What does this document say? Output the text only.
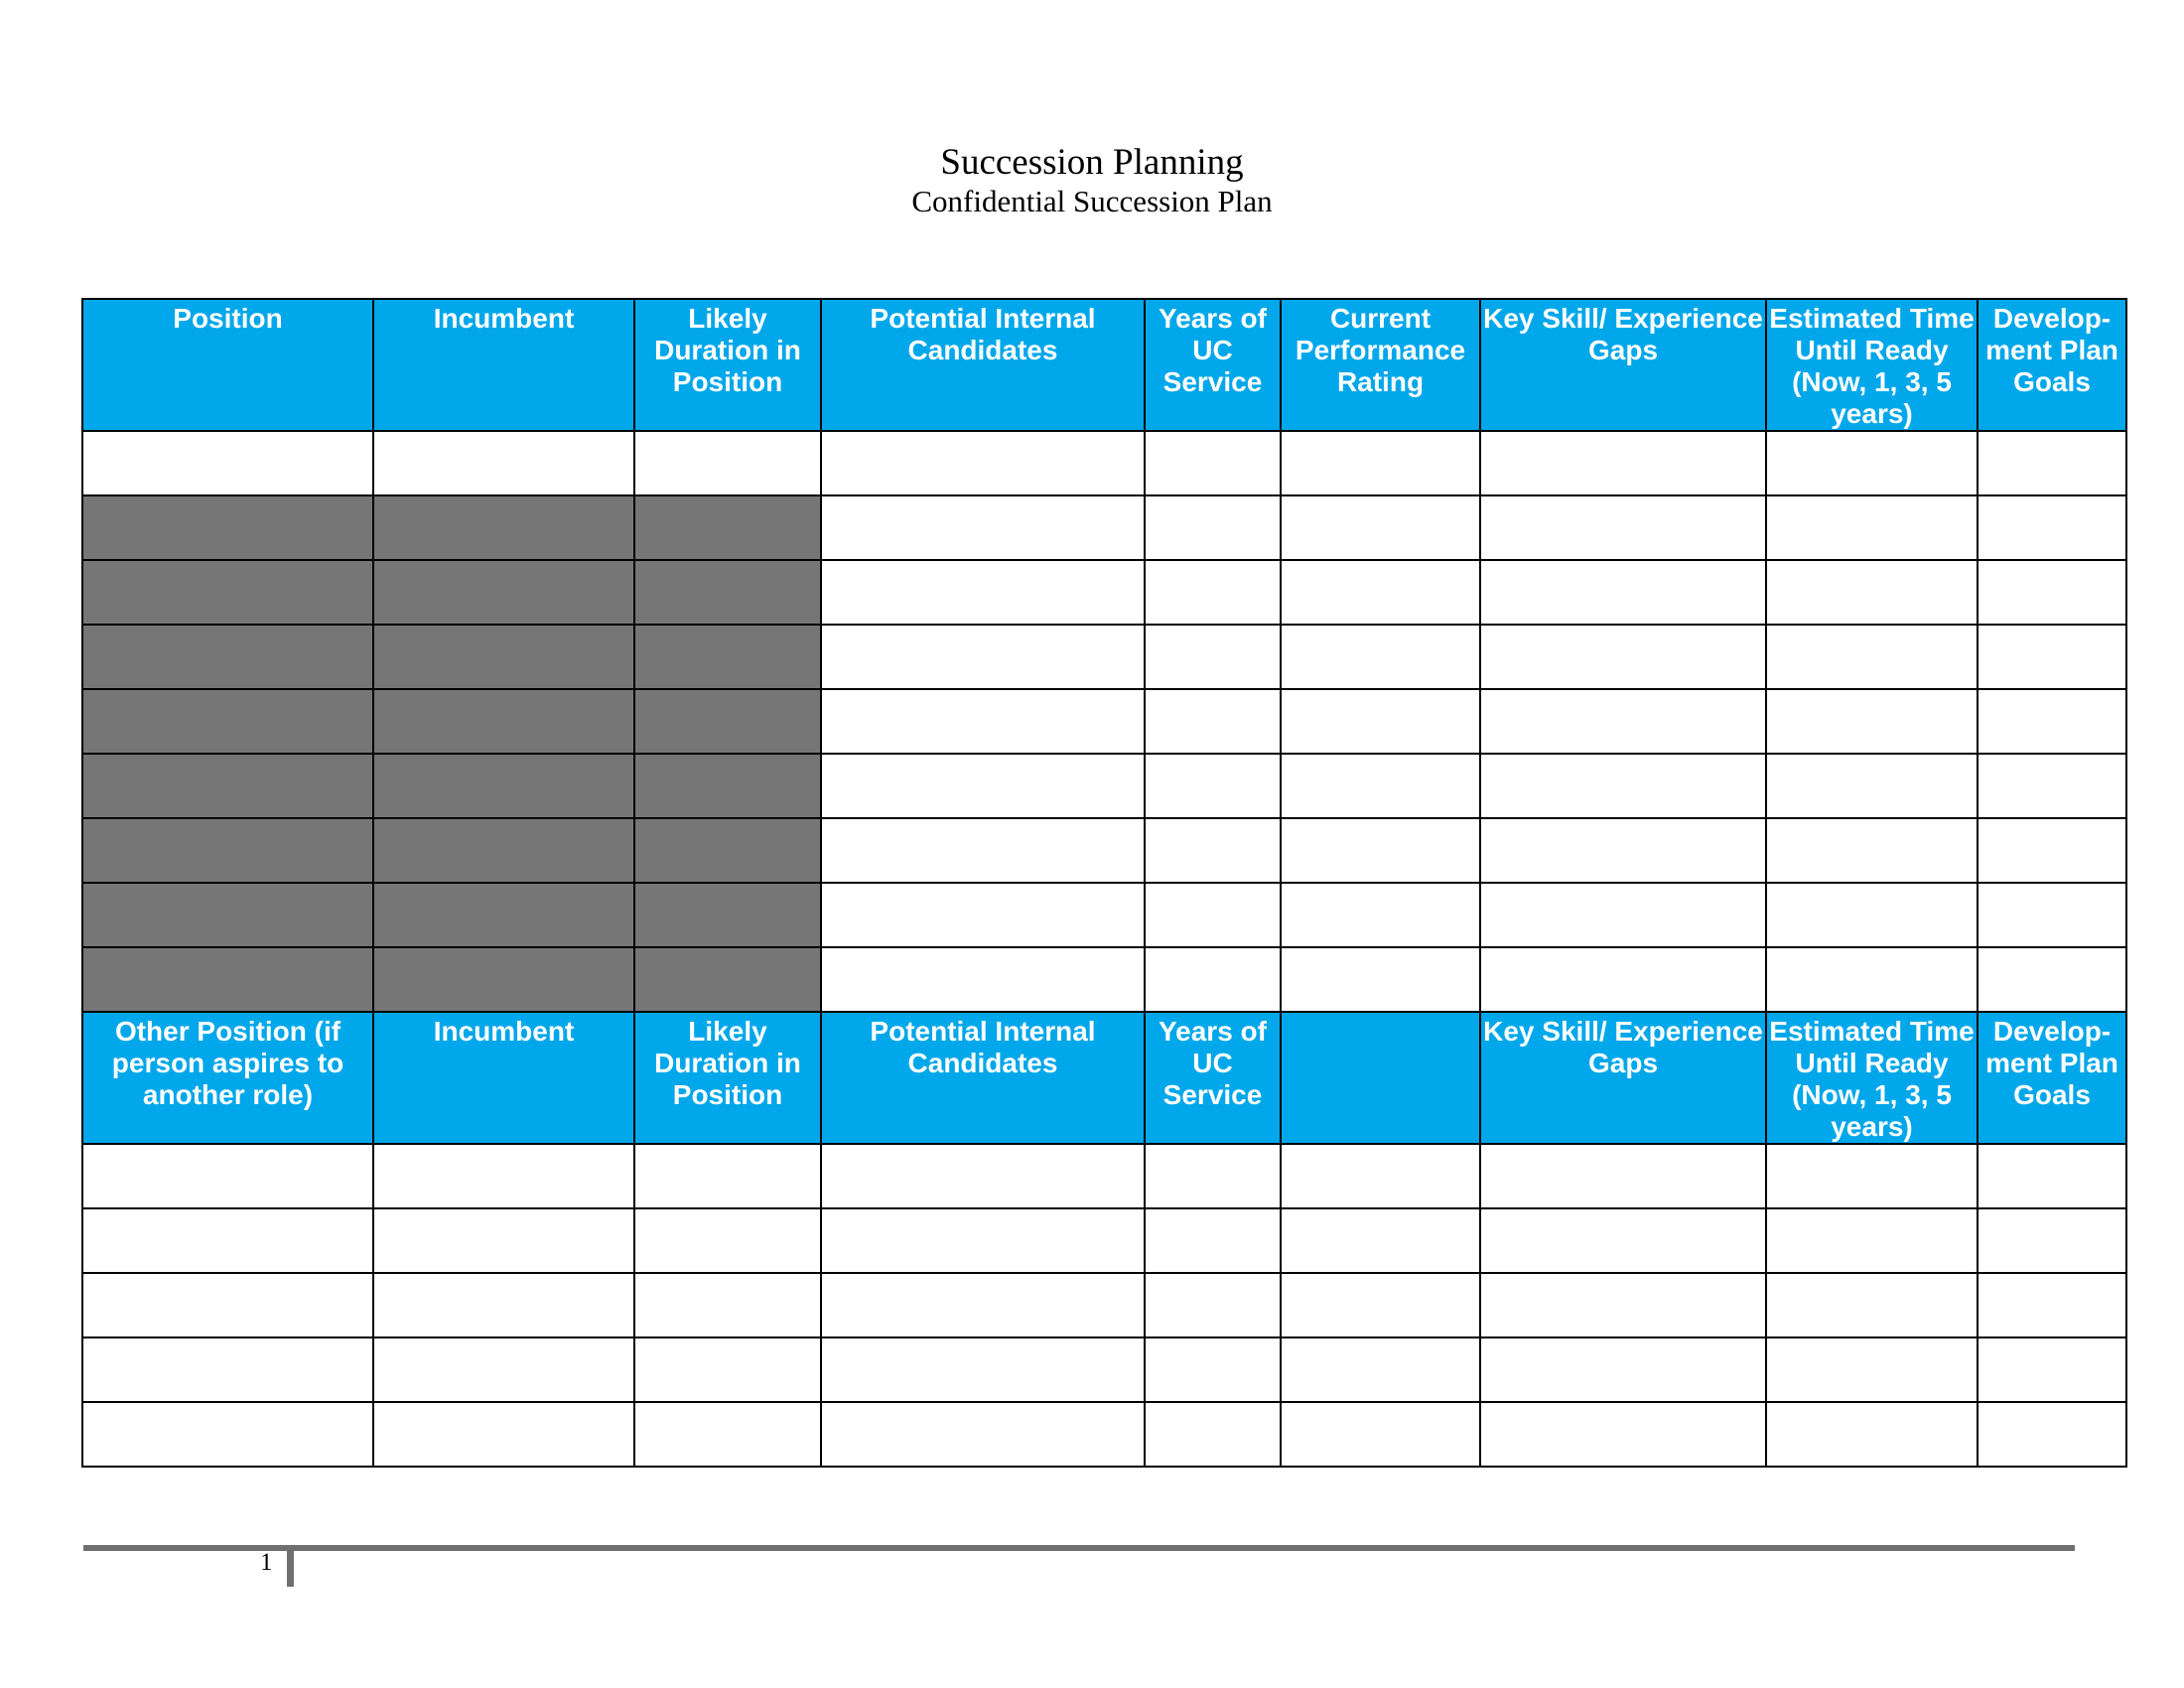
Succession Planning
Confidential Succession Plan
Position	Incumbent	Likely Duration in Position	Potential Internal Candidates	Years of UC Service	Current Performance Rating	Key Skill/ Experience Gaps	Estimated Time Until Ready (Now, 1, 3, 5 years)	Develop-ment Plan Goals

Other Position (if person aspires to another role)	Incumbent	Likely Duration in Position	Potential Internal Candidates	Years of UC Service		Key Skill/ Experience Gaps	Estimated Time Until Ready (Now, 1, 3, 5 years)	Develop-ment Plan Goals

1
